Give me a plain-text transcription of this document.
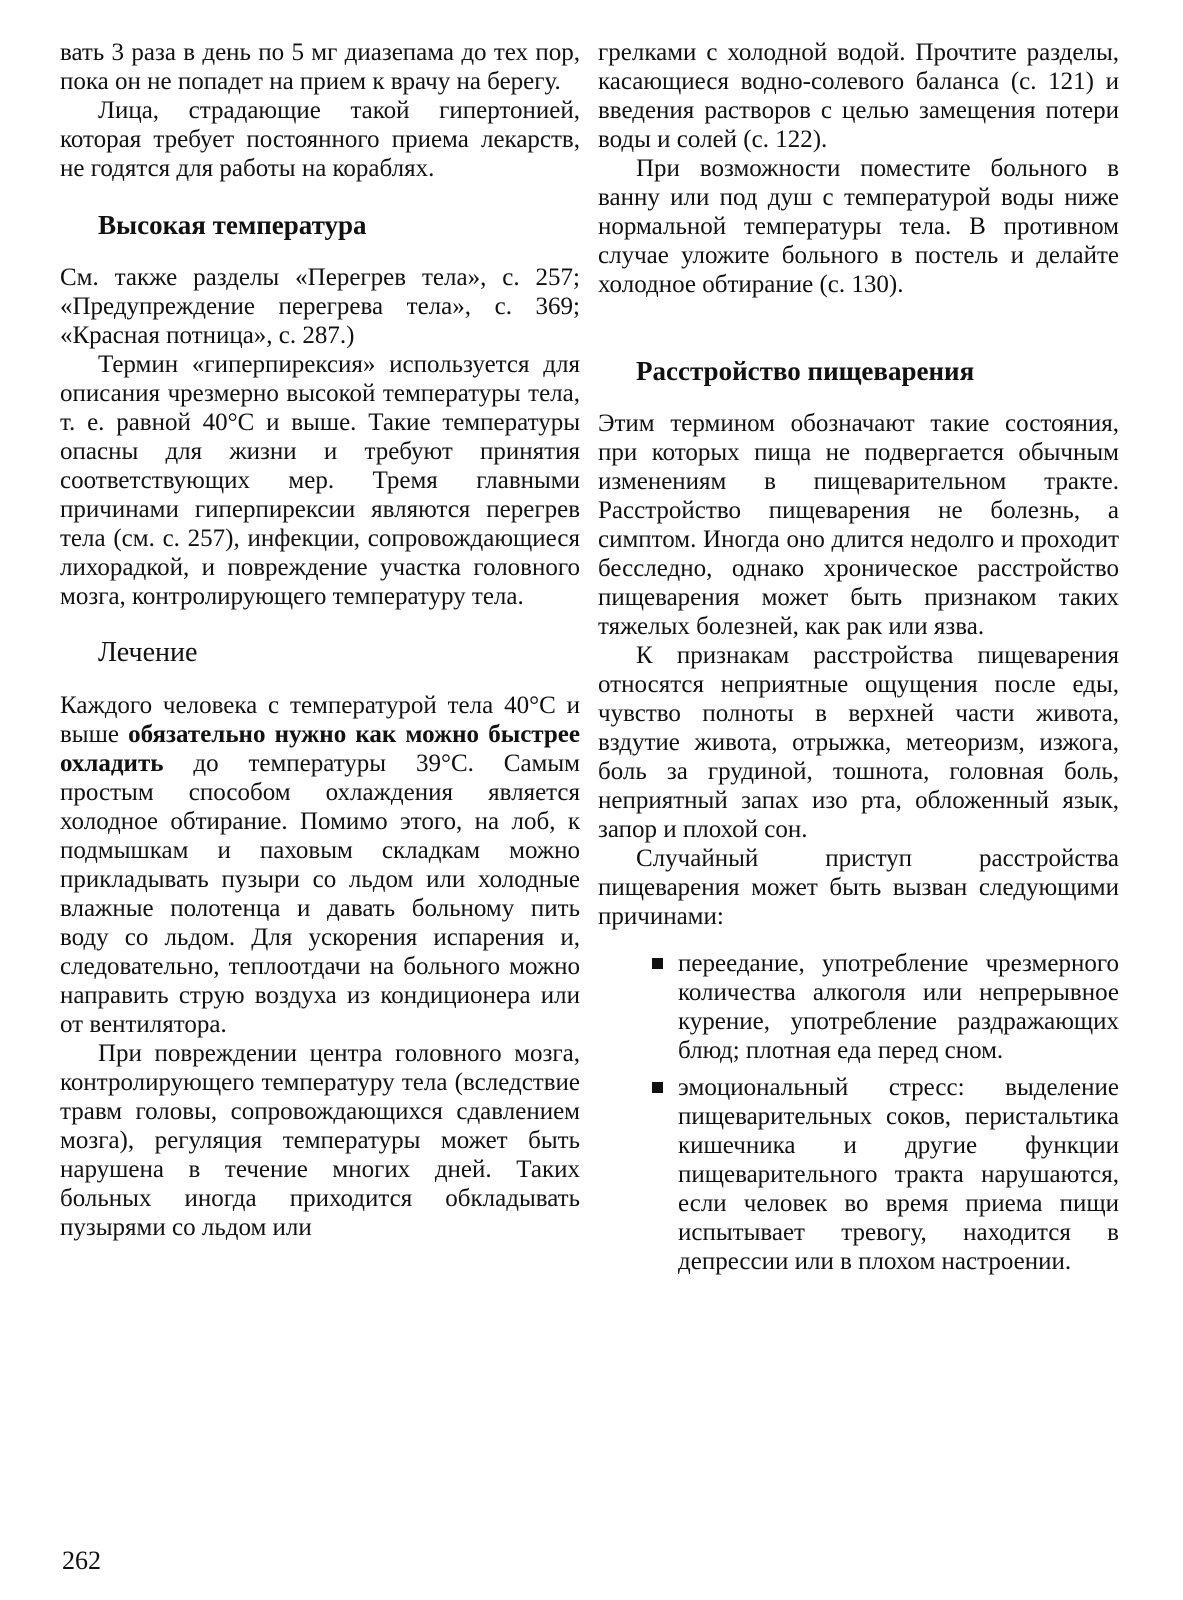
вать 3 раза в день по 5 мг диазепама до тех пор, пока он не попадет на прием к врачу на берегу.

Лица, страдающие такой гипертонией, которая требует постоянного приема лекарств, не годятся для работы на кораблях.

Высокая температура

См. также разделы «Перегрев тела», с. 257; «Предупреждение перегрева тела», с. 369; «Красная потница», с. 287.)

Термин «гиперпирексия» используется для описания чрезмерно высокой температуры тела, т. е. равной 40°С и выше. Такие температуры опасны для жизни и требуют принятия соответствующих мер. Тремя главными причинами гиперпирексии являются перегрев тела (см. с. 257), инфекции, сопровождающиеся лихорадкой, и повреждение участка головного мозга, контролирующего температуру тела.

Лечение

Каждого человека с температурой тела 40°С и выше обязательно нужно как можно быстрее охладить до температуры 39°С. Самым простым способом охлаждения является холодное обтирание. Помимо этого, на лоб, к подмышкам и паховым складкам можно прикладывать пузыри со льдом или холодные влажные полотенца и давать больному пить воду со льдом. Для ускорения испарения и, следовательно, теплоотдачи на больного можно направить струю воздуха из кондиционера или от вентилятора.

При повреждении центра головного мозга, контролирующего температуру тела (вследствие травм головы, сопровождающихся сдавлением мозга), регуляция температуры может быть нарушена в течение многих дней. Таких больных иногда приходится обкладывать пузырями со льдом или

грелками с холодной водой. Прочтите разделы, касающиеся водно-солевого баланса (с. 121) и введения растворов с целью замещения потери воды и солей (с. 122).

При возможности поместите больного в ванну или под душ с температурой воды ниже нормальной температуры тела. В противном случае уложите больного в постель и делайте холодное обтирание (с. 130).

Расстройство пищеварения

Этим термином обозначают такие состояния, при которых пища не подвергается обычным изменениям в пищеварительном тракте. Расстройство пищеварения не болезнь, а симптом. Иногда оно длится недолго и проходит бесследно, однако хроническое расстройство пищеварения может быть признаком таких тяжелых болезней, как рак или язва.

К признакам расстройства пищеварения относятся неприятные ощущения после еды, чувство полноты в верхней части живота, вздутие живота, отрыжка, метеоризм, изжога, боль за грудиной, тошнота, головная боль, неприятный запах изо рта, обложенный язык, запор и плохой сон.

Случайный приступ расстройства пищеварения может быть вызван следующими причинами:

переедание, употребление чрезмерного количества алкоголя или непрерывное курение, употребление раздражающих блюд; плотная еда перед сном.
эмоциональный стресс: выделение пищеварительных соков, перистальтика кишечника и другие функции пищеварительного тракта нарушаются, если человек во время приема пищи испытывает тревогу, находится в депрессии или в плохом настроении.
262
